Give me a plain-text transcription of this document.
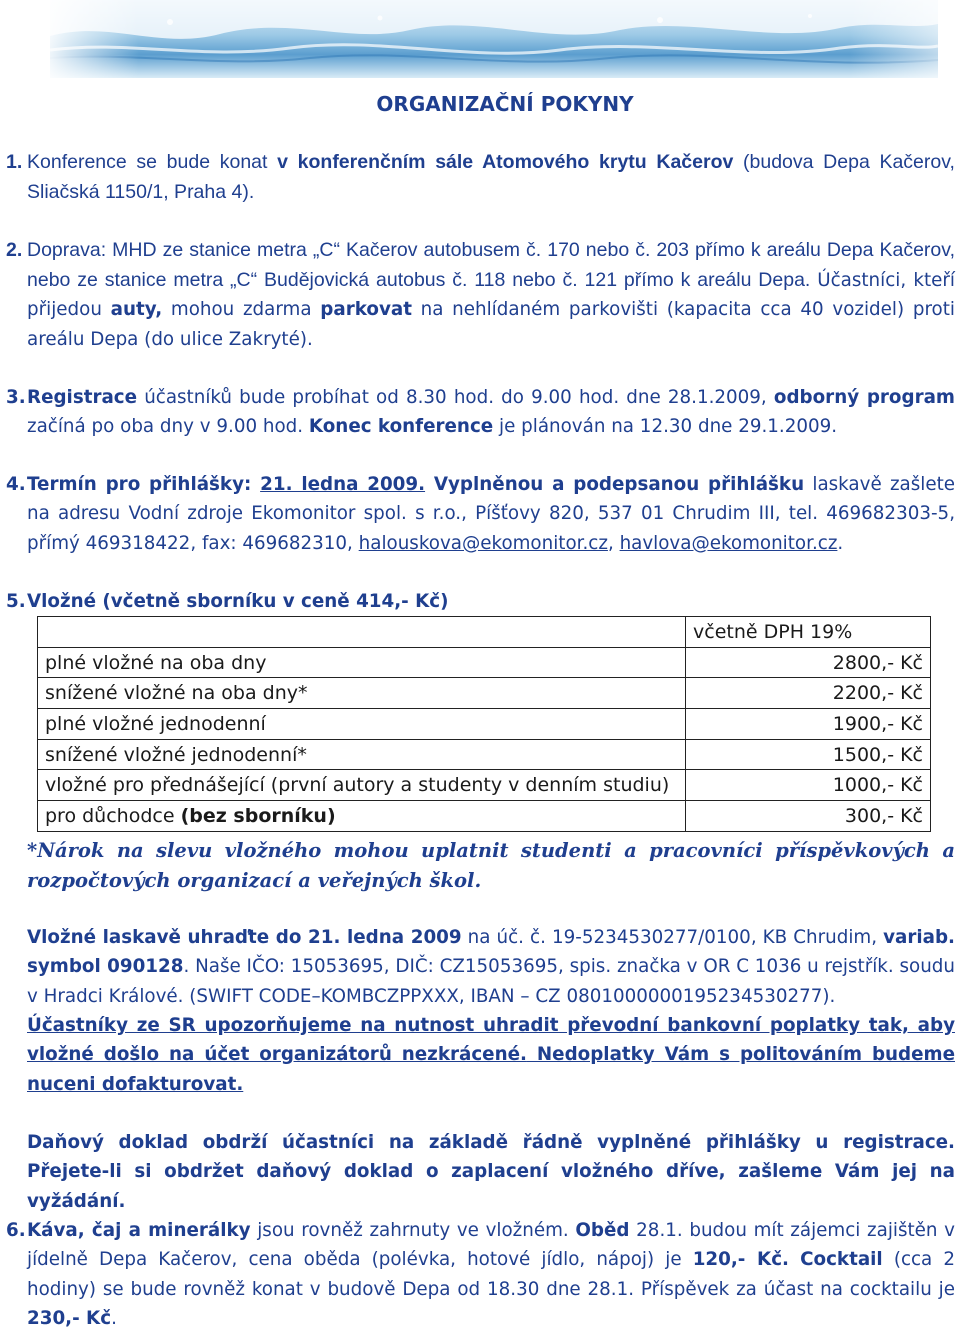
ORGANIZAČNÍ POKYNY
1. Konference se bude konat v konferenčním sále Atomového krytu Kačerov (budova Depa Kačerov, Sliačská 1150/1, Praha 4).
2. Doprava: MHD ze stanice metra „C“ Kačerov autobusem č. 170 nebo č. 203 přímo k areálu Depa Kačerov, nebo ze stanice metra „C“ Budějovická autobus č. 118 nebo č. 121 přímo k areálu Depa. Účastníci, kteří přijedou auty, mohou zdarma parkovat na nehlídaném parkovišti (kapacita cca 40 vozidel) proti areálu Depa (do ulice Zakryté).
3. Registrace účastníků bude probíhat od 8.30 hod. do 9.00 hod. dne 28.1.2009, odborný program začíná po oba dny v 9.00 hod. Konec konference je plánován na 12.30 dne 29.1.2009.
4. Termín pro přihlášky: 21. ledna 2009. Vyplněnou a podepsanou přihlášku laskavě zašlete na adresu Vodní zdroje Ekomonitor spol. s r.o., Píšťovy 820, 537 01 Chrudim III, tel. 469682303-5, přímý 469318422, fax: 469682310, halouskova@ekomonitor.cz, havlova@ekomonitor.cz.
5. Vložné (včetně sborníku v ceně 414,- Kč)
	včetně DPH 19%
plné vložné na oba dny	2800,- Kč
snížené vložné na oba dny*	2200,- Kč
plné vložné jednodenní	1900,- Kč
snížené vložné jednodenní*	1500,- Kč
vložné pro přednášející (první autory a studenty v denním studiu)	1000,- Kč
pro důchodce (bez sborníku)	300,- Kč
*Nárok na slevu vložného mohou uplatnit studenti a pracovníci příspěvkových a rozpočtových organizací a veřejných škol.
Vložné laskavě uhraďte do 21. ledna 2009 na úč. č. 19-5234530277/0100, KB Chrudim, variab. symbol 090128. Naše IČO: 15053695, DIČ: CZ15053695, spis. značka v OR C 1036 u rejstřík. soudu v Hradci Králové. (SWIFT CODE–KOMBCZPPXXX, IBAN – CZ 0801000000195234530277).
Účastníky ze SR upozorňujeme na nutnost uhradit převodní bankovní poplatky tak, aby vložné došlo na účet organizátorů nezkrácené. Nedoplatky Vám s politováním budeme nuceni dofakturovat.
Daňový doklad obdrží účastníci na základě řádně vyplněné přihlášky u registrace. Přejete-li si obdržet daňový doklad o zaplacení vložného dříve, zašleme Vám jej na vyžádání.
6. Káva, čaj a minerálky jsou rovněž zahrnuty ve vložném. Oběd 28.1. budou mít zájemci zajištěn v jídelně Depa Kačerov, cena oběda (polévka, hotové jídlo, nápoj) je 120,- Kč. Cocktail (cca 2 hodiny) se bude rovněž konat v budově Depa od 18.30 dne 28.1. Příspěvek za účast na cocktailu je 230,- Kč.
